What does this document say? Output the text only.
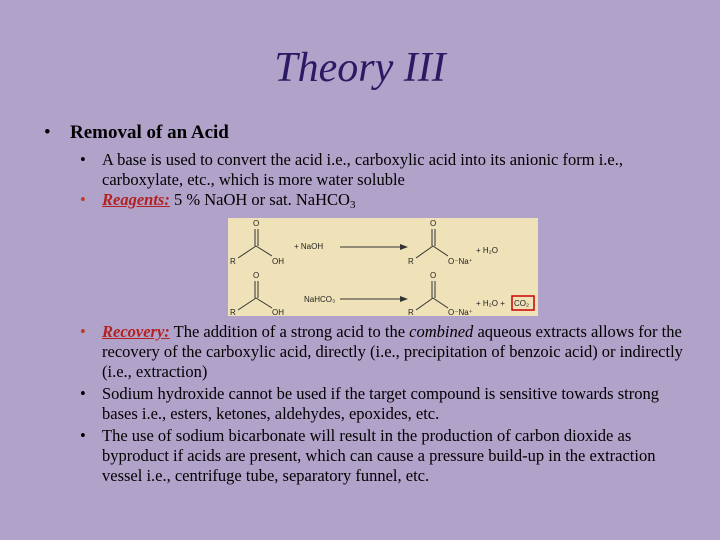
Theory III
• Removal of an Acid

• A base is used to convert the acid i.e., carboxylic acid into its anionic form i.e., carboxylate, etc., which is more water soluble

• Reagents: 5 % NaOH or sat. NaHCO$_3$

O
R	OH
+ NaOH
O
R	O⁻Na⁺
+ H₂O
O
R	OH
NaHCO₃
O
R	O⁻Na⁺
+ H₂O + CO₂

• Recovery: The addition of a strong acid to the combined aqueous extracts allows for the recovery of the carboxylic acid, directly (i.e., precipitation of benzoic acid) or indirectly (i.e., extraction)

• Sodium hydroxide cannot be used if the target compound is sensitive towards strong bases i.e., esters, ketones, aldehydes, epoxides, etc.

• The use of sodium bicarbonate will result in the production of carbon dioxide as byproduct if acids are present, which can cause a pressure build-up in the extraction vessel i.e., centrifuge tube, separatory funnel, etc.
